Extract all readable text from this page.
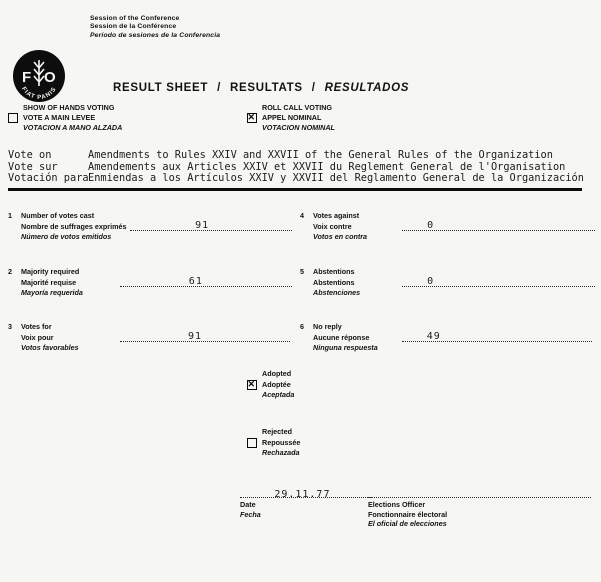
Session of the Conference
Session de la Conférence
Período de sesiones de la Conferencia
F O
FIAT PANIS	RESULT SHEET / RESULTATS / RESULTADOS
SHOW OF HANDS VOTING
VOTE A MAIN LEVEE
VOTACION A MANO ALZADA
ROLL CALL VOTING
✕
APPEL NOMINAL
VOTACION NOMINAL
Vote on	Amendments to Rules XXIV and XXVII of the General Rules of the Organization
Vote sur	Amendements aux Articles XXIV et XXVII du Reglement General de l'Organisation
Votación para Enmiendas a los Artículos XXIV y XXVII del Reglamento General de la Organización
1 Number of votes cast
Nombre de suffrages exprimés	91
Número de votos emitidos
2 Majority required
Majorité requise	61
Mayoría requerida
3 Votes for
Voix pour	91
Votos favorables
4 Votes against
Voix contre	0
Votos en contra
5 Abstentions
Abstentions	0
Abstenciones
6 No reply
Aucune réponse	49
Ninguna respuesta
Adopted
✕
Adoptée
Aceptada
Rejected
Repoussée
Rechazada
29.11.77
Date
Fecha
Elections Officer
Fonctionnaire électoral
El oficial de elecciones
